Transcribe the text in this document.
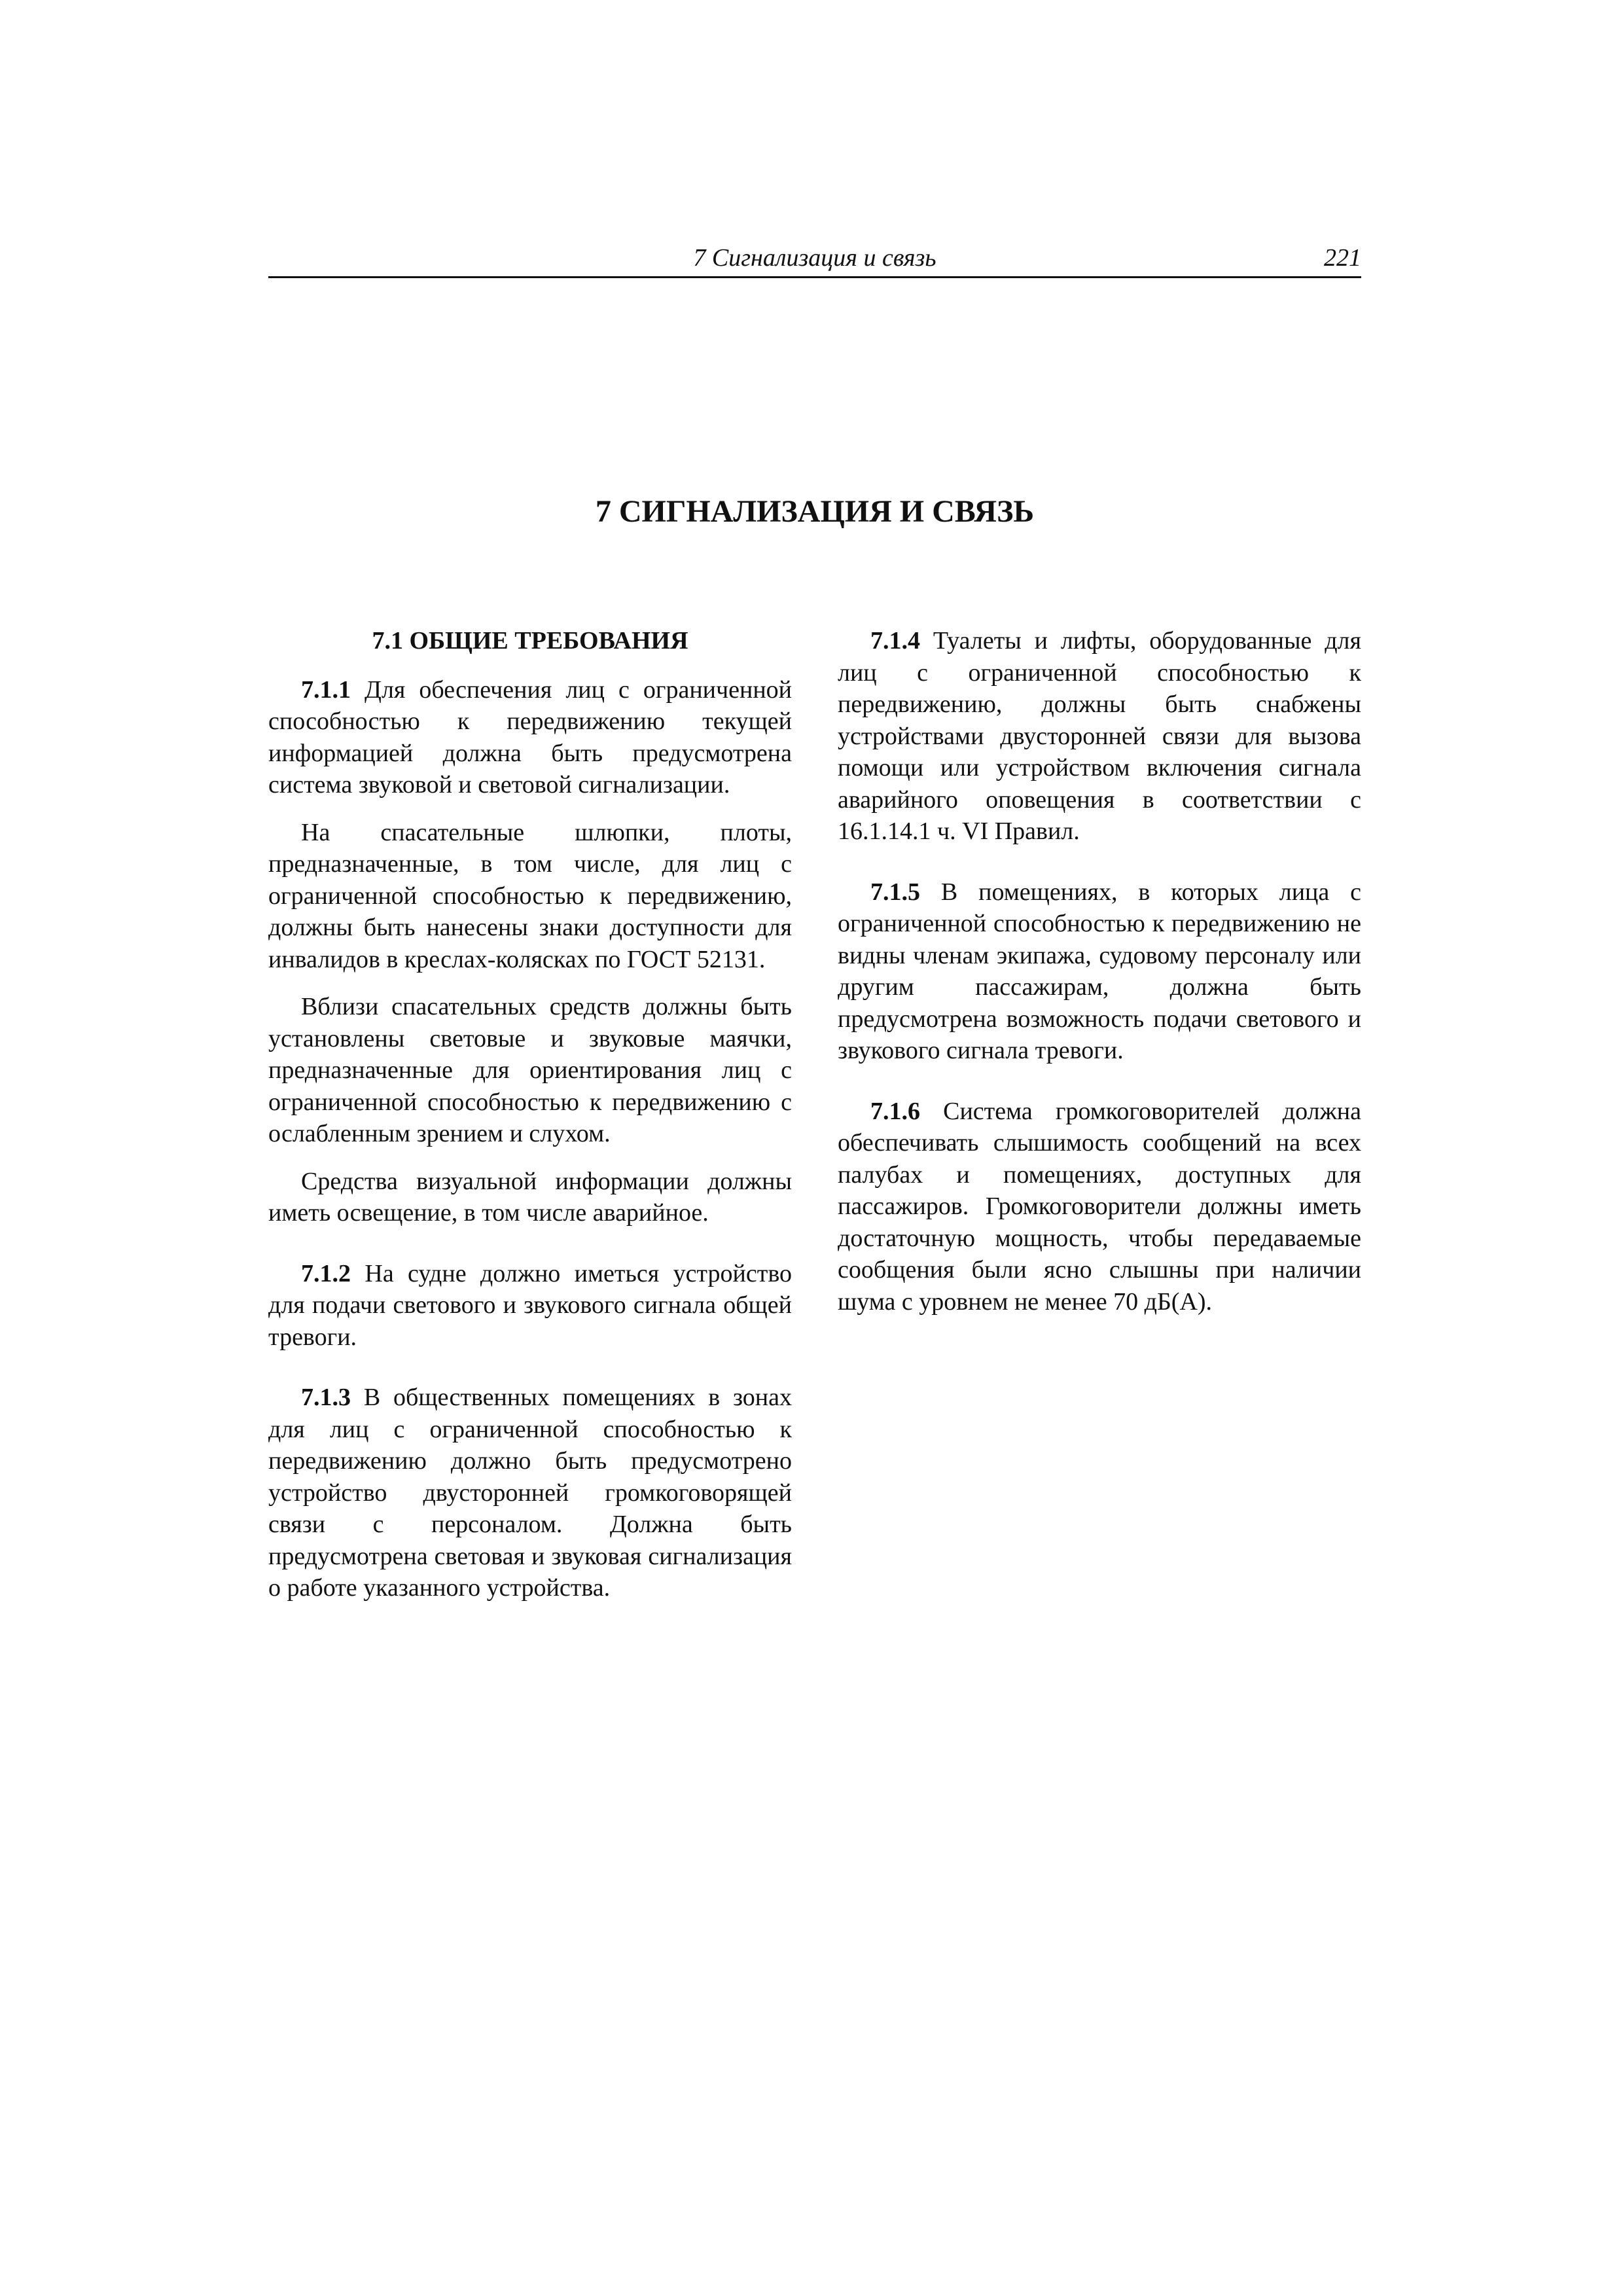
7 Сигнализация и связь	221
7 СИГНАЛИЗАЦИЯ И СВЯЗЬ
7.1 ОБЩИЕ ТРЕБОВАНИЯ

7.1.1 Для обеспечения лиц с ограниченной способностью к передвижению текущей информацией должна быть предусмотрена система звуковой и световой сигнализации.

На спасательные шлюпки, плоты, предназначенные, в том числе, для лиц с ограниченной способностью к передвижению, должны быть нанесены знаки доступности для инвалидов в креслах-колясках по ГОСТ 52131.

Вблизи спасательных средств должны быть установлены световые и звуковые маячки, предназначенные для ориентирования лиц с ограниченной способностью к передвижению с ослабленным зрением и слухом.

Средства визуальной информации должны иметь освещение, в том числе аварийное.

7.1.2 На судне должно иметься устройство для подачи светового и звукового сигнала общей тревоги.

7.1.3 В общественных помещениях в зонах для лиц с ограниченной способностью к передвижению должно быть предусмотрено устройство двусторонней громкоговорящей связи с персоналом. Должна быть предусмотрена световая и звуковая сигнализация о работе указанного устройства.

7.1.4 Туалеты и лифты, оборудованные для лиц с ограниченной способностью к передвижению, должны быть снабжены устройствами двусторонней связи для вызова помощи или устройством включения сигнала аварийного оповещения в соответствии с 16.1.14.1 ч. VI Правил.

7.1.5 В помещениях, в которых лица с ограниченной способностью к передвижению не видны членам экипажа, судовому персоналу или другим пассажирам, должна быть предусмотрена возможность подачи светового и звукового сигнала тревоги.

7.1.6 Система громкоговорителей должна обеспечивать слышимость сообщений на всех палубах и помещениях, доступных для пассажиров. Громкоговорители должны иметь достаточную мощность, чтобы передаваемые сообщения были ясно слышны при наличии шума с уровнем не менее 70 дБ(А).
